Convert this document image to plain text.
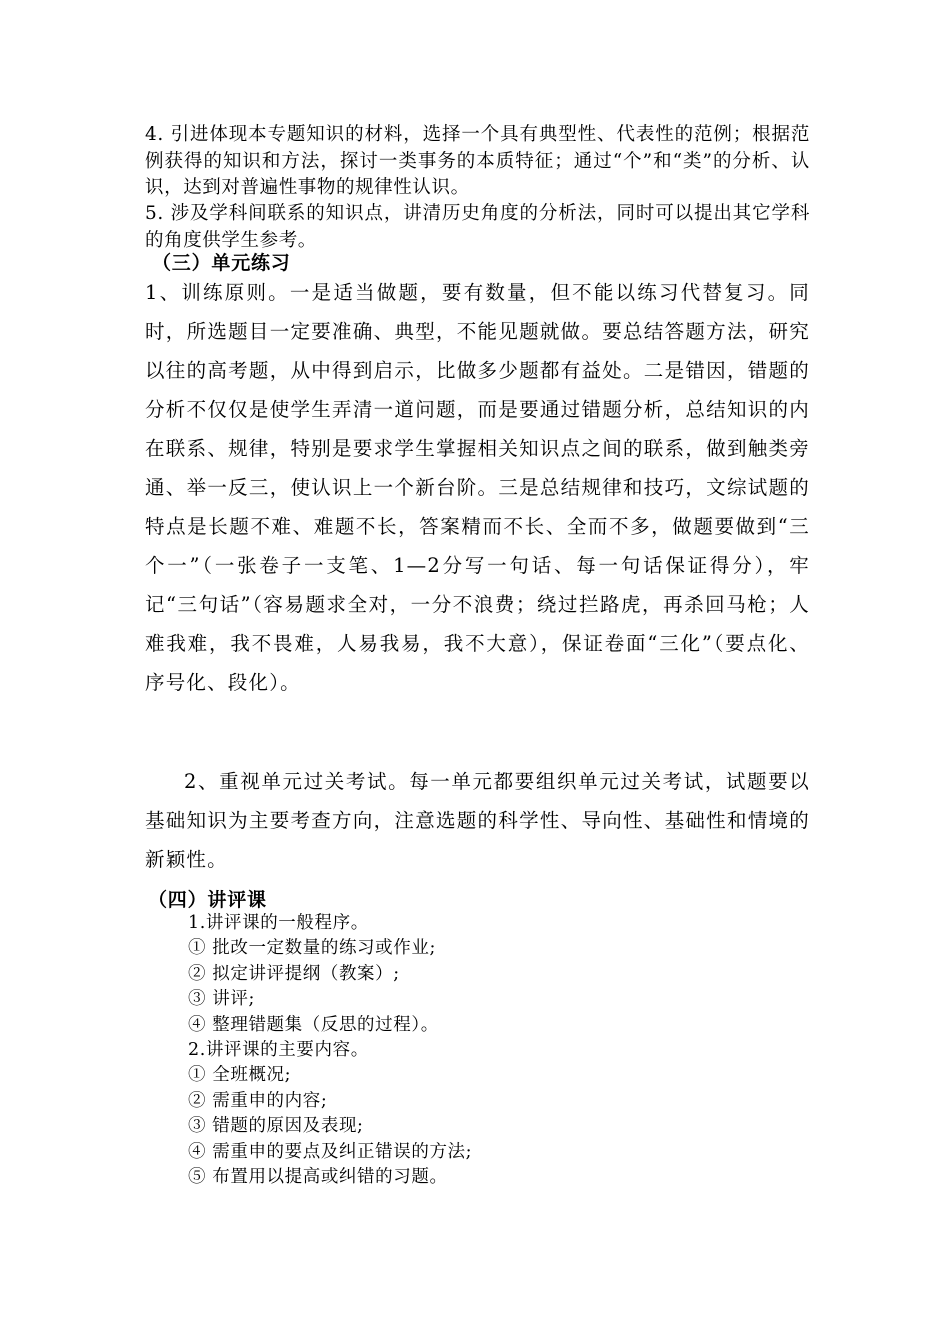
4. 引进体现本专题知识的材料，选择一个具有典型性、代表性的范例；根据范例获得的知识和方法，探讨一类事务的本质特征；通过“个”和“类”的分析、认识，达到对普遍性事物的规律性认识。

5. 涉及学科间联系的知识点，讲清历史角度的分析法，同时可以提出其它学科的角度供学生参考。

（三）单元练习

1、训练原则。一是适当做题，要有数量，但不能以练习代替复习。同时，所选题目一定要准确、典型，不能见题就做。要总结答题方法，研究以往的高考题，从中得到启示，比做多少题都有益处。二是错因，错题的分析不仅仅是使学生弄清一道问题，而是要通过错题分析，总结知识的内在联系、规律，特别是要求学生掌握相关知识点之间的联系，做到触类旁通、举一反三，使认识上一个新台阶。三是总结规律和技巧，文综试题的特点是长题不难、难题不长，答案精而不长、全而不多，做题要做到“三个一”（一张卷子一支笔、1—2分写一句话、每一句话保证得分），牢记“三句话”（容易题求全对，一分不浪费；绕过拦路虎，再杀回马枪；人难我难，我不畏难，人易我易，我不大意），保证卷面“三化”（要点化、序号化、段化）。

2、重视单元过关考试。每一单元都要组织单元过关考试，试题要以基础知识为主要考查方向，注意选题的科学性、导向性、基础性和情境的新颖性。

（四）讲评课
1.讲评课的一般程序。
① 批改一定数量的练习或作业;
② 拟定讲评提纲（教案）;
③ 讲评;
④ 整理错题集（反思的过程）。
2.讲评课的主要内容。
① 全班概况;
② 需重申的内容;
③ 错题的原因及表现;
④ 需重申的要点及纠正错误的方法;
⑤ 布置用以提高或纠错的习题。
